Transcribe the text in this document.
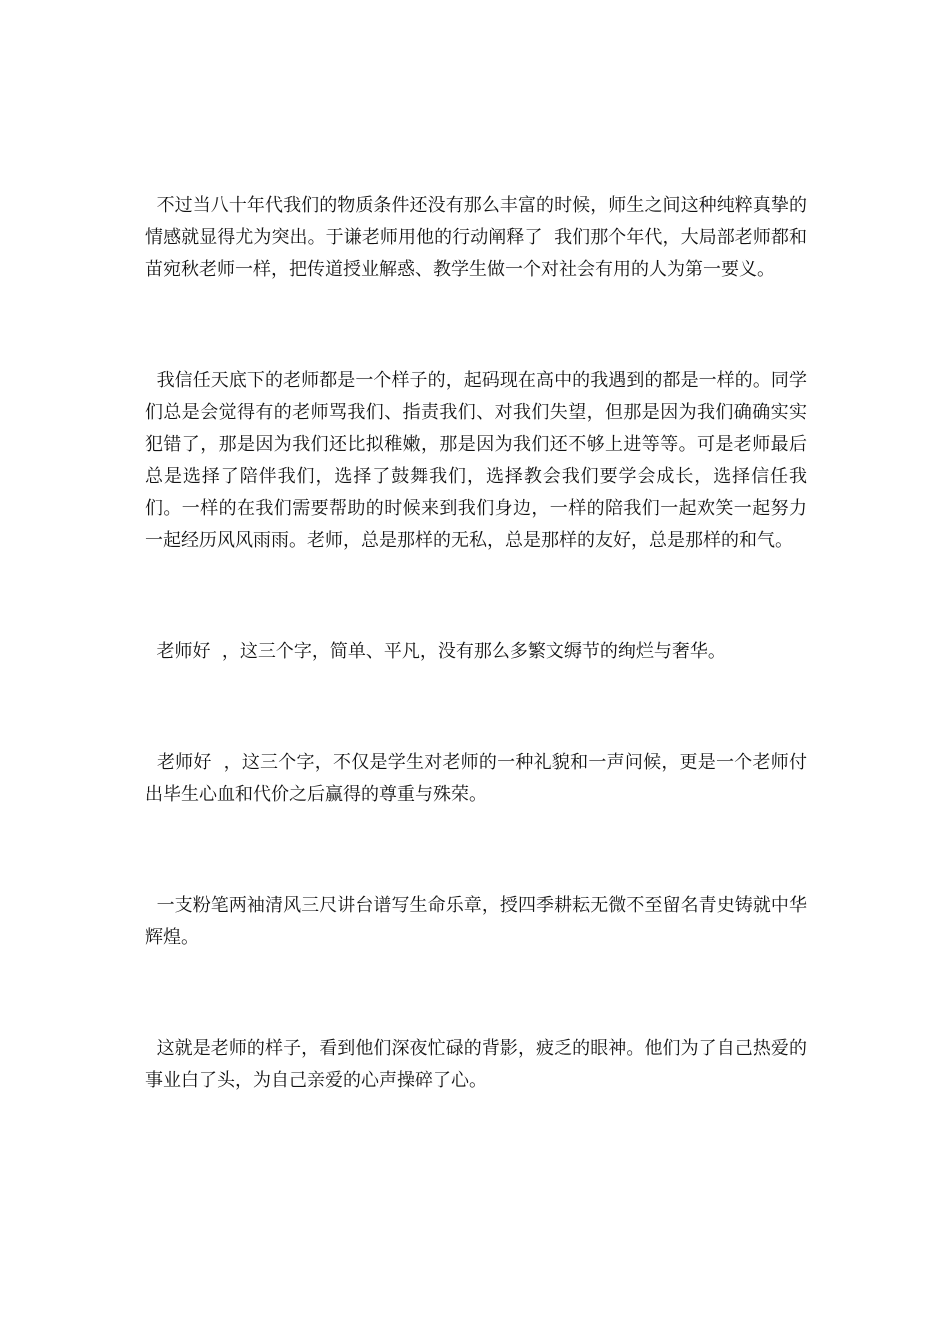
不过当八十年代我们的物质条件还没有那么丰富的时候，师生之间这种纯粹真挚的情感就显得尤为突出。于谦老师用他的行动阐释了  我们那个年代，大局部老师都和苗宛秋老师一样，把传道授业解惑、教学生做一个对社会有用的人为第一要义。

我信任天底下的老师都是一个样子的，起码现在高中的我遇到的都是一样的。同学们总是会觉得有的老师骂我们、指责我们、对我们失望，但那是因为我们确确实实犯错了，那是因为我们还比拟稚嫩，那是因为我们还不够上进等等。可是老师最后总是选择了陪伴我们，选择了鼓舞我们，选择教会我们要学会成长，选择信任我们。一样的在我们需要帮助的时候来到我们身边，一样的陪我们一起欢笑一起努力一起经历风风雨雨。老师，总是那样的无私，总是那样的友好，总是那样的和气。

老师好  ，这三个字，简单、平凡，没有那么多繁文缛节的绚烂与奢华。

老师好  ，这三个字，不仅是学生对老师的一种礼貌和一声问候，更是一个老师付出毕生心血和代价之后赢得的尊重与殊荣。

一支粉笔两袖清风三尺讲台谱写生命乐章，授四季耕耘无微不至留名青史铸就中华辉煌。

这就是老师的样子，看到他们深夜忙碌的背影，疲乏的眼神。他们为了自己热爱的事业白了头，为自己亲爱的心声操碎了心。
